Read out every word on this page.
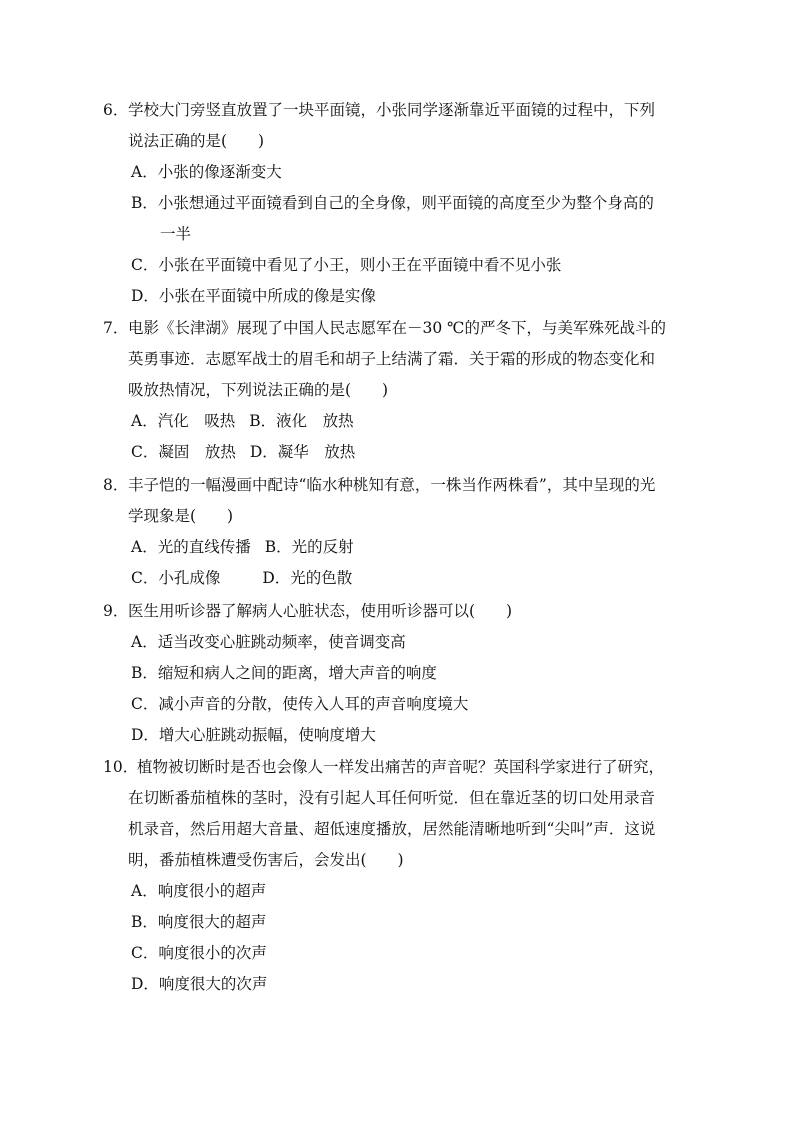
6．学校大门旁竖直放置了一块平面镜，小张同学逐渐靠近平面镜的过程中，下列
说法正确的是(　　)
A．小张的像逐渐变大
B．小张想通过平面镜看到自己的全身像，则平面镜的高度至少为整个身高的
一半
C．小张在平面镜中看见了小王，则小王在平面镜中看不见小张
D．小张在平面镜中所成的像是实像
7．电影《长津湖》展现了中国人民志愿军在－30 ℃的严冬下，与美军殊死战斗的
英勇事迹．志愿军战士的眉毛和胡子上结满了霜．关于霜的形成的物态变化和
吸放热情况，下列说法正确的是(　　)
A．汽化　吸热 B．液化　放热
C．凝固　放热 D．凝华　放热
8．丰子恺的一幅漫画中配诗“临水种桃知有意，一株当作两株看”，其中呈现的光
学现象是(　　)
A．光的直线传播 B．光的反射
C．小孔成像	D．光的色散
9．医生用听诊器了解病人心脏状态，使用听诊器可以(　　)
A．适当改变心脏跳动频率，使音调变高
B．缩短和病人之间的距离，增大声音的响度
C．减小声音的分散，使传入人耳的声音响度境大
D．增大心脏跳动振幅，使响度增大
10．植物被切断时是否也会像人一样发出痛苦的声音呢？英国科学家进行了研究，
在切断番茄植株的茎时，没有引起人耳任何听觉．但在靠近茎的切口处用录音
机录音，然后用超大音量、超低速度播放，居然能清晰地听到“尖叫”声．这说
明，番茄植株遭受伤害后，会发出(　　)
A．响度很小的超声
B．响度很大的超声
C．响度很小的次声
D．响度很大的次声
